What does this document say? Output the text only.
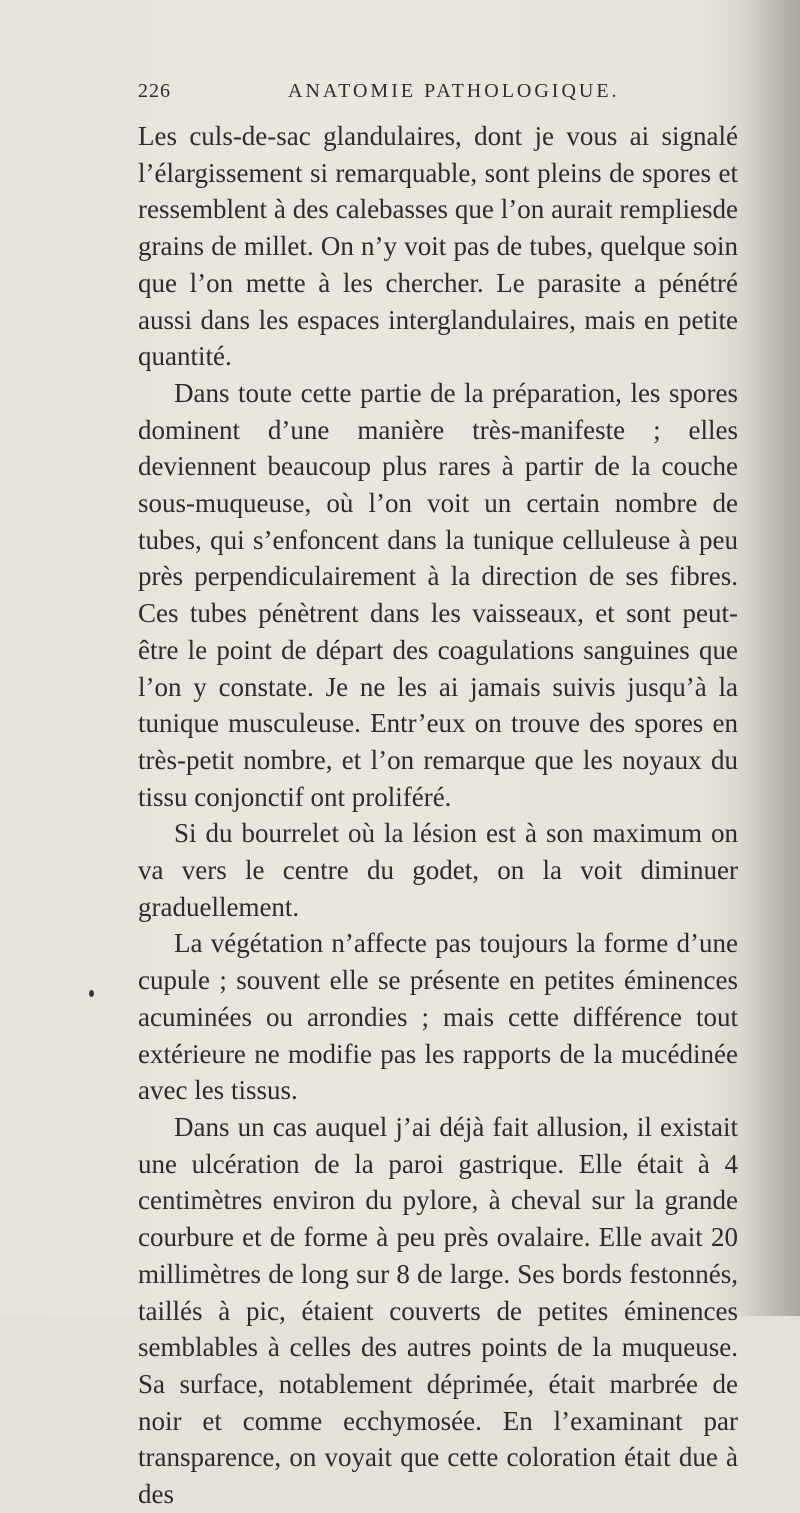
226	ANATOMIE PATHOLOGIQUE.

Les culs-de-sac glandulaires, dont je vous ai signalé l’élargissement si remarquable, sont pleins de spores et ressemblent à des calebasses que l’on aurait rempliesde grains de millet. On n’y voit pas de tubes, quelque soin que l’on mette à les chercher. Le parasite a pénétré aussi dans les espaces interglandulaires, mais en petite quantité.

Dans toute cette partie de la préparation, les spores dominent d’une manière très-manifeste ; elles deviennent beaucoup plus rares à partir de la couche sous-muqueuse, où l’on voit un certain nombre de tubes, qui s’enfoncent dans la tunique celluleuse à peu près perpendiculairement à la direction de ses fibres. Ces tubes pénètrent dans les vaisseaux, et sont peut-être le point de départ des coagulations sanguines que l’on y constate. Je ne les ai jamais suivis jusqu’à la tunique musculeuse. Entr’eux on trouve des spores en très-petit nombre, et l’on remarque que les noyaux du tissu conjonctif ont proliféré.

Si du bourrelet où la lésion est à son maximum on va vers le centre du godet, on la voit diminuer graduellement.

La végétation n’affecte pas toujours la forme d’une cupule ; souvent elle se présente en petites éminences acuminées ou arrondies ; mais cette différence tout extérieure ne modifie pas les rapports de la mucédinée avec les tissus.

Dans un cas auquel j’ai déjà fait allusion, il existait une ulcération de la paroi gastrique. Elle était à 4 centimètres environ du pylore, à cheval sur la grande courbure et de forme à peu près ovalaire. Elle avait 20 millimètres de long sur 8 de large. Ses bords festonnés, taillés à pic, étaient couverts de petites éminences semblables à celles des autres points de la muqueuse. Sa surface, notablement déprimée, était marbrée de noir et comme ecchymosée. En l’examinant par transparence, on voyait que cette coloration était due à des
